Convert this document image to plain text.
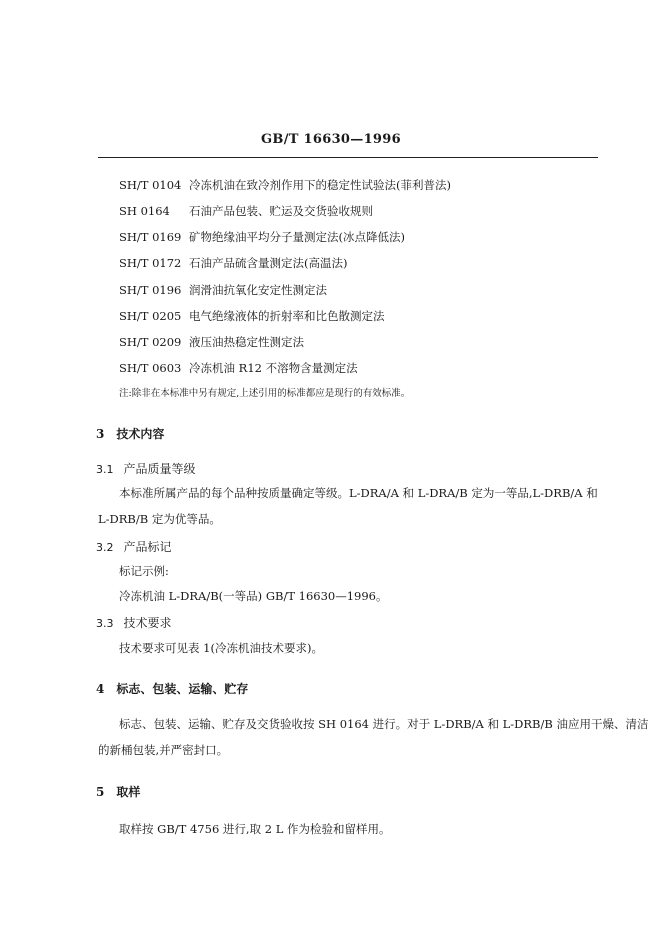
GB/T 16630—1996
SH/T 0104 冷冻机油在致冷剂作用下的稳定性试验法(菲利普法)
SH 0164 石油产品包装、贮运及交货验收规则
SH/T 0169 矿物绝缘油平均分子量测定法(冰点降低法)
SH/T 0172 石油产品硫含量测定法(高温法)
SH/T 0196 润滑油抗氧化安定性测定法
SH/T 0205 电气绝缘液体的折射率和比色散测定法
SH/T 0209 液压油热稳定性测定法
SH/T 0603 冷冻机油 R12 不溶物含量测定法
注:除非在本标准中另有规定,上述引用的标准都应是现行的有效标准。
3 技术内容
3.1 产品质量等级
本标准所属产品的每个品种按质量确定等级。L-DRA/A 和 L-DRA/B 定为一等品,L-DRB/A 和
L-DRB/B 定为优等品。
3.2 产品标记
标记示例:
冷冻机油 L-DRA/B(一等品) GB/T 16630—1996。
3.3 技术要求
技术要求可见表 1(冷冻机油技术要求)。
4 标志、包装、运输、贮存
标志、包装、运输、贮存及交货验收按 SH 0164 进行。对于 L-DRB/A 和 L-DRB/B 油应用干燥、清洁
的新桶包装,并严密封口。
5 取样
取样按 GB/T 4756 进行,取 2 L 作为检验和留样用。
